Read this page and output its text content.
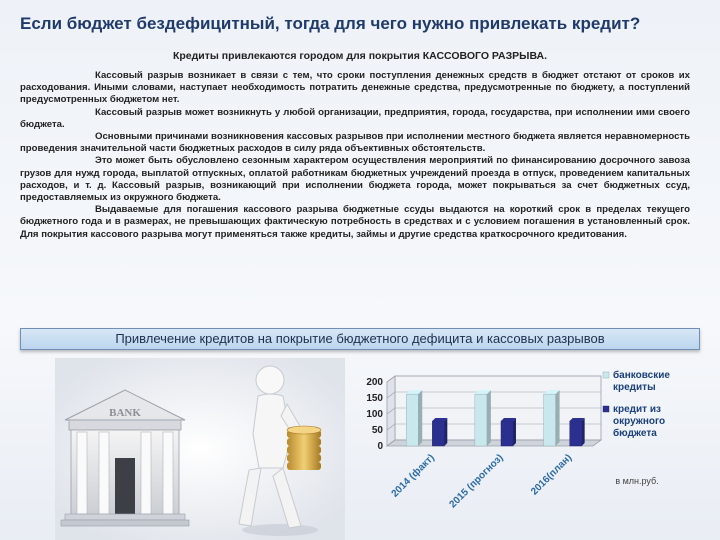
Если бюджет бездефицитный, тогда для чего нужно привлекать кредит?
Кредиты привлекаются городом для покрытия КАССОВОГО РАЗРЫВА.

Кассовый разрыв возникает в связи с тем, что сроки поступления денежных средств в бюджет отстают от сроков их расходования. Иными словами, наступает необходимость потратить денежные средства, предусмотренные по бюджету, а поступлений предусмотренных бюджетом нет.

Кассовый разрыв может возникнуть у любой организации, предприятия, города, государства, при исполнении ими своего бюджета.

Основными причинами возникновения кассовых разрывов при исполнении местного бюджета является неравномерность проведения значительной части бюджетных расходов в силу ряда объективных обстоятельств.

Это может быть обусловлено сезонным характером осуществления мероприятий по финансированию досрочного завоза грузов для нужд города, выплатой отпускных, оплатой работникам бюджетных учреждений проезда в отпуск, проведением капитальных расходов, и т. д. Кассовый разрыв, возникающий при исполнении бюджета города, может покрываться за счет бюджетных ссуд, предоставляемых из окружного бюджета.

Выдаваемые для погашения кассового разрыва бюджетные ссуды выдаются на короткий срок в пределах текущего бюджетного года и в размерах, не превышающих фактическую потребность в средствах и с условием погашения в установленный срок. Для покрытия кассового разрыва могут применяться также кредиты, займы и другие средства краткосрочного кредитования.

Привлечение кредитов на покрытие бюджетного дефицита и кассовых разрывов
BANK
0
50
100
150
200
2014 (факт) 2015 (прогноз) 2016(план)
банковские кредиты
кредит из окружного бюджета
в млн.руб.
